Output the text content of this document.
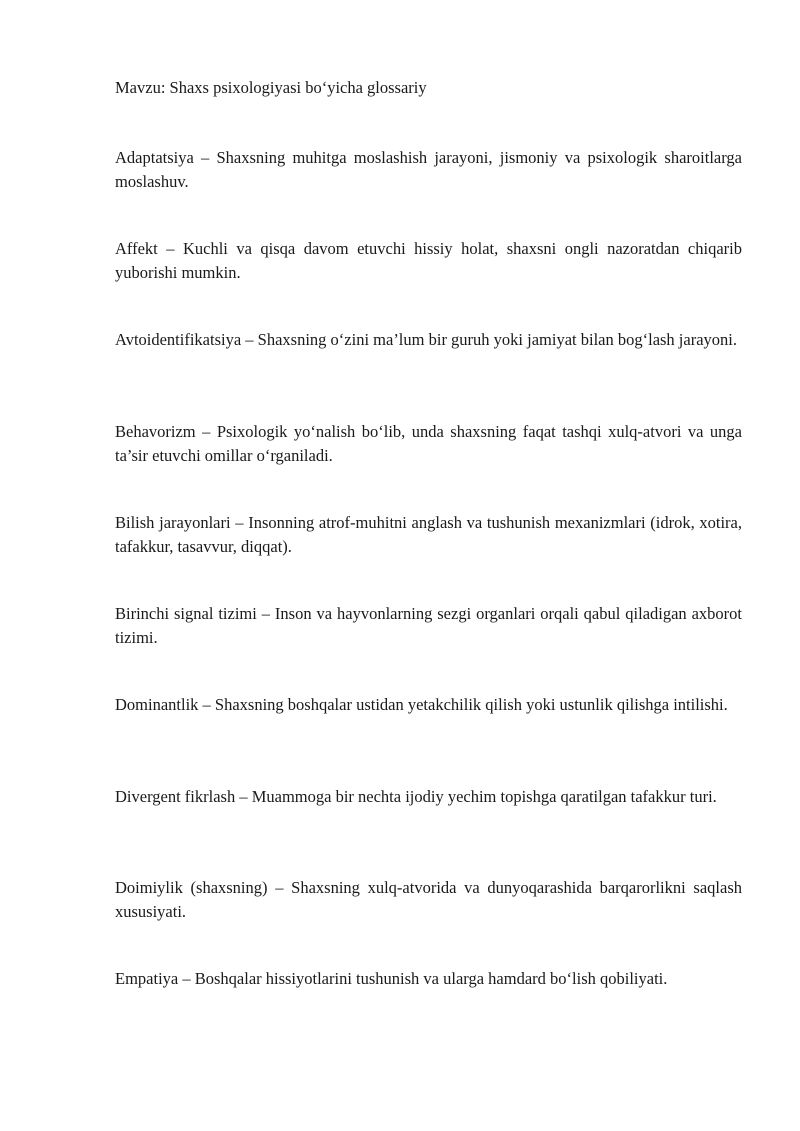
Mavzu: Shaxs psixologiyasi bo‘yicha glossariy

Adaptatsiya – Shaxsning muhitga moslashish jarayoni, jismoniy va psixologik sharoitlarga moslashuv.

Affekt – Kuchli va qisqa davom etuvchi hissiy holat, shaxsni ongli nazoratdan chiqarib yuborishi mumkin.

Avtoidentifikatsiya – Shaxsning o‘zini ma’lum bir guruh yoki jamiyat bilan bog‘lash jarayoni.

Behavorizm – Psixologik yo‘nalish bo‘lib, unda shaxsning faqat tashqi xulq-atvori va unga ta’sir etuvchi omillar o‘rganiladi.

Bilish jarayonlari – Insonning atrof-muhitni anglash va tushunish mexanizmlari (idrok, xotira, tafakkur, tasavvur, diqqat).

Birinchi signal tizimi – Inson va hayvonlarning sezgi organlari orqali qabul qiladigan axborot tizimi.

Dominantlik – Shaxsning boshqalar ustidan yetakchilik qilish yoki ustunlik qilishga intilishi.

Divergent fikrlash – Muammoga bir nechta ijodiy yechim topishga qaratilgan tafakkur turi.

Doimiylik (shaxsning) – Shaxsning xulq-atvorida va dunyoqarashida barqarorlikni saqlash xususiyati.

Empatiya – Boshqalar hissiyotlarini tushunish va ularga hamdard bo‘lish qobiliyati.
